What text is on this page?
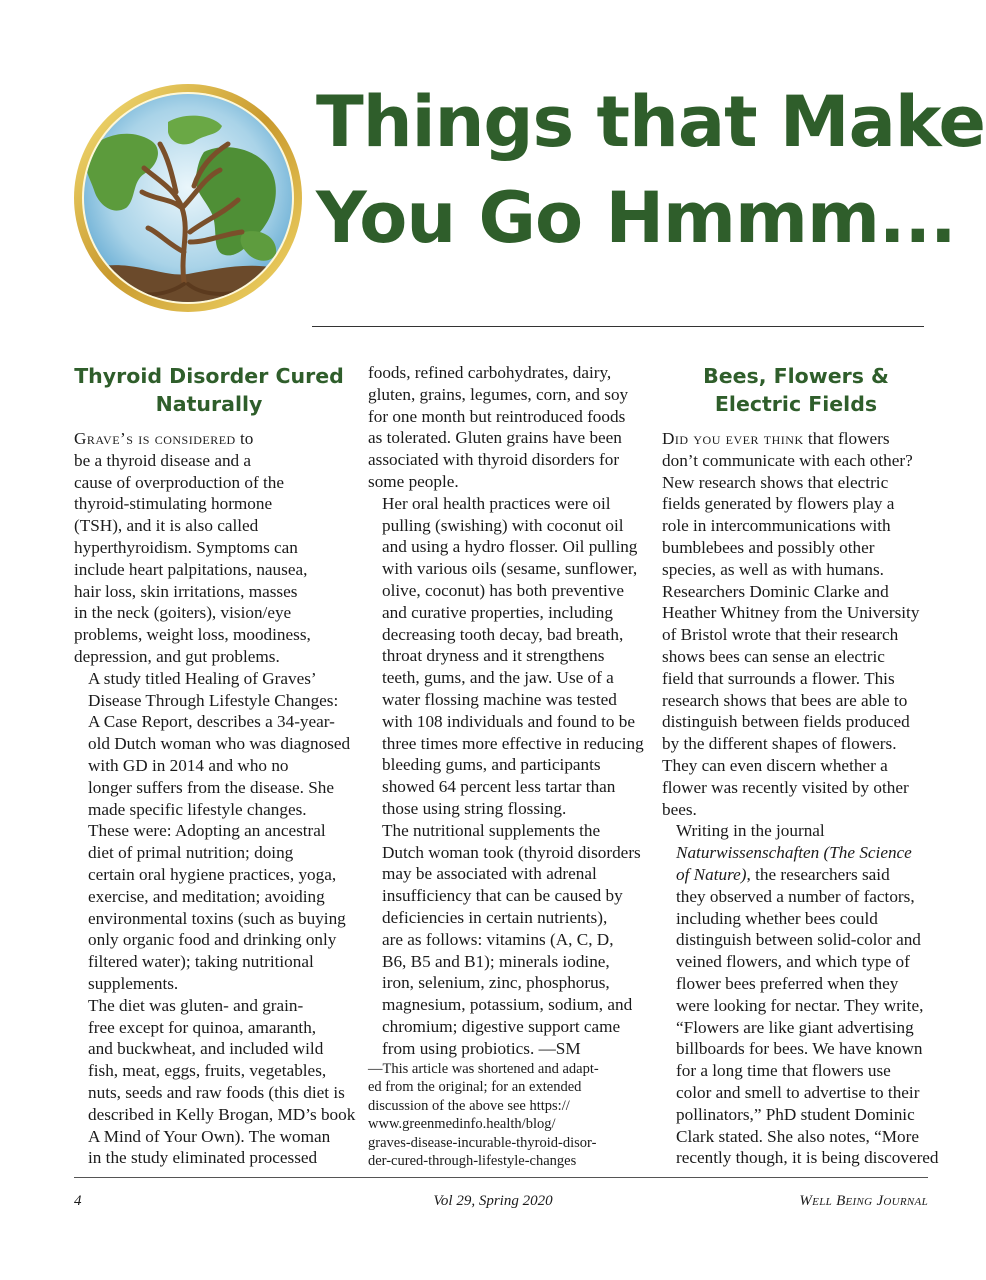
Things that Make
You Go Hmmm...
Thyroid Disorder Cured
Naturally

Grave’s is considered to
be a thyroid disease and a
cause of overproduction of the
thyroid-stimulating hormone
(TSH), and it is also called
hyperthyroidism. Symptoms can
include heart palpitations, nausea,
hair loss, skin irritations, masses
in the neck (goiters), vision/eye
problems, weight loss, moodiness,
depression, and gut problems.

A study titled Healing of Graves’
Disease Through Lifestyle Changes:
A Case Report, describes a 34-year-
old Dutch woman who was diagnosed
with GD in 2014 and who no
longer suffers from the disease. She
made specific lifestyle changes.
These were: Adopting an ancestral
diet of primal nutrition; doing
certain oral hygiene practices, yoga,
exercise, and meditation; avoiding
environmental toxins (such as buying
only organic food and drinking only
filtered water); taking nutritional
supplements.

The diet was gluten- and grain-
free except for quinoa, amaranth,
and buckwheat, and included wild
fish, meat, eggs, fruits, vegetables,
nuts, seeds and raw foods (this diet is
described in Kelly Brogan, MD’s book
A Mind of Your Own). The woman
in the study eliminated processed

foods, refined carbohydrates, dairy,
gluten, grains, legumes, corn, and soy
for one month but reintroduced foods
as tolerated. Gluten grains have been
associated with thyroid disorders for
some people.

Her oral health practices were oil
pulling (swishing) with coconut oil
and using a hydro flosser. Oil pulling
with various oils (sesame, sunflower,
olive, coconut) has both preventive
and curative properties, including
decreasing tooth decay, bad breath,
throat dryness and it strengthens
teeth, gums, and the jaw. Use of a
water flossing machine was tested
with 108 individuals and found to be
three times more effective in reducing
bleeding gums, and participants
showed 64 percent less tartar than
those using string flossing.

The nutritional supplements the
Dutch woman took (thyroid disorders
may be associated with adrenal
insufficiency that can be caused by
deficiencies in certain nutrients),
are as follows: vitamins (A, C, D,
B6, B5 and B1); minerals iodine,
iron, selenium, zinc, phosphorus,
magnesium, potassium, sodium, and
chromium; digestive support came
from using probiotics. —SM

—This article was shortened and adapt-
ed from the original; for an extended
discussion of the above see https://
www.greenmedinfo.health/blog/
graves-disease-incurable-thyroid-disor-
der-cured-through-lifestyle-changes

Bees, Flowers &
Electric Fields

Did you ever think that flowers
don’t communicate with each other?
New research shows that electric
fields generated by flowers play a
role in intercommunications with
bumblebees and possibly other
species, as well as with humans.
Researchers Dominic Clarke and
Heather Whitney from the University
of Bristol wrote that their research
shows bees can sense an electric
field that surrounds a flower. This
research shows that bees are able to
distinguish between fields produced
by the different shapes of flowers.
They can even discern whether a
flower was recently visited by other
bees.

Writing in the journal
Naturwissenschaften (The Science
of Nature), the researchers said
they observed a number of factors,
including whether bees could
distinguish between solid-color and
veined flowers, and which type of
flower bees preferred when they
were looking for nectar. They write,
“Flowers are like giant advertising
billboards for bees. We have known
for a long time that flowers use
color and smell to advertise to their
pollinators,” PhD student Dominic
Clark stated. She also notes, “More
recently though, it is being discovered

4	Vol 29, Spring 2020	Well Being Journal
